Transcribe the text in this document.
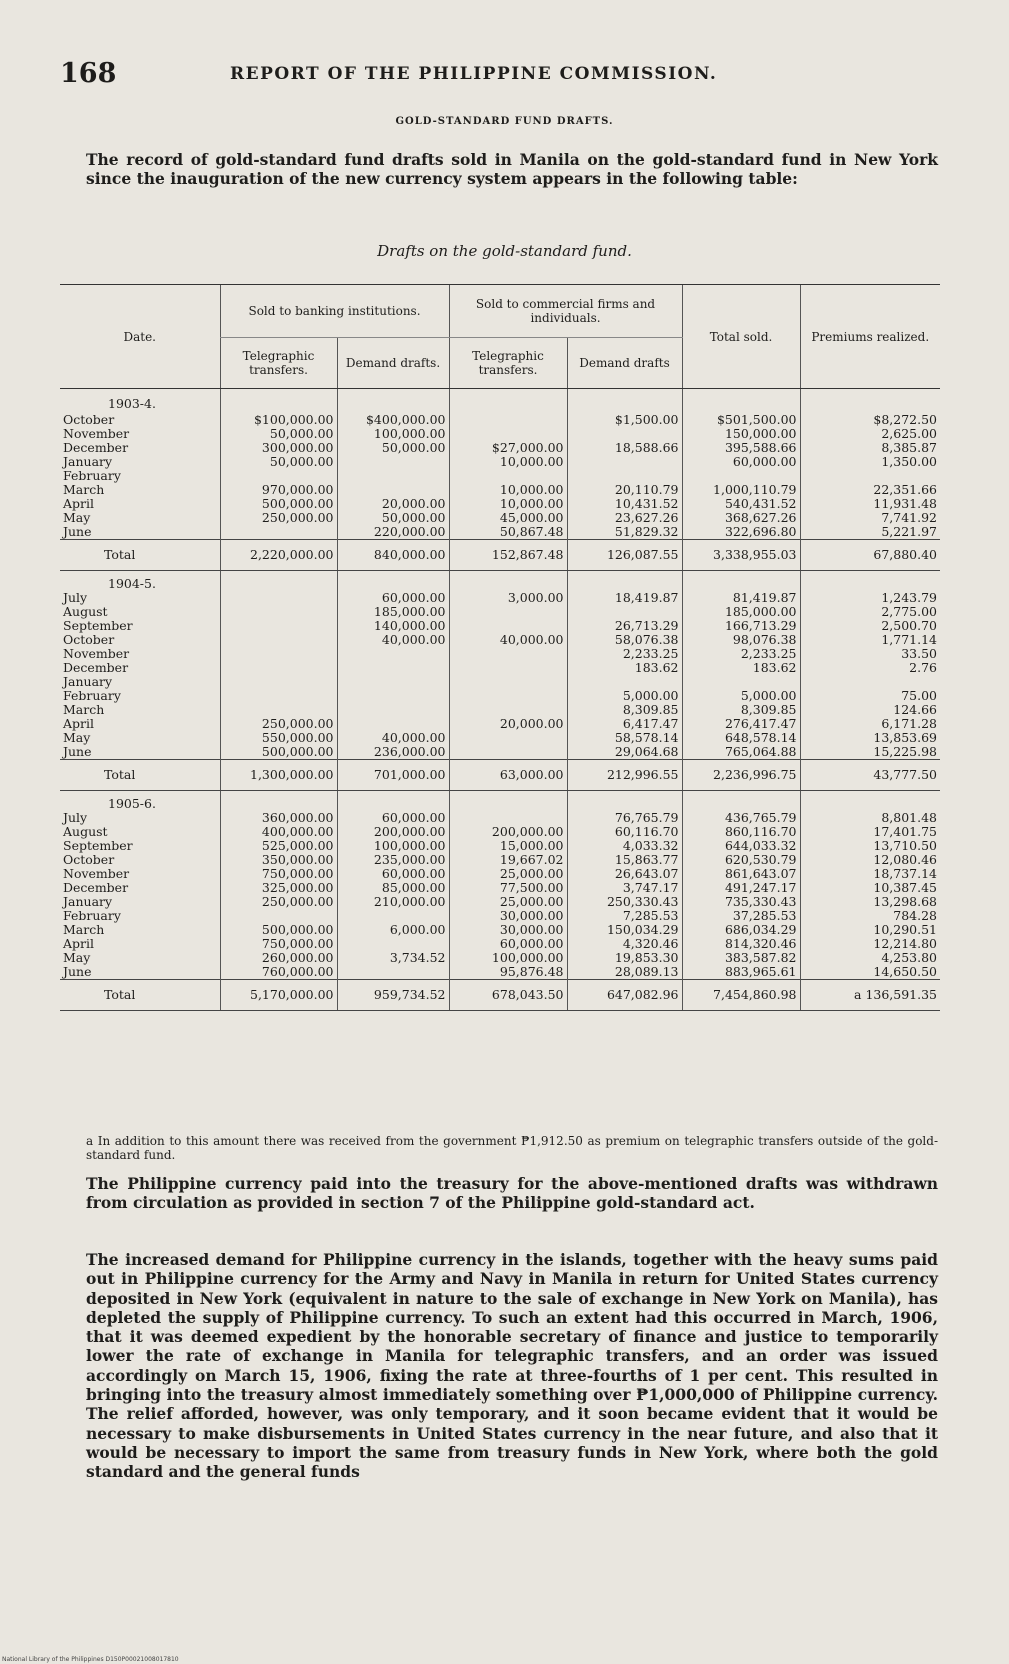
168	REPORT OF THE PHILIPPINE COMMISSION.
GOLD-STANDARD FUND DRAFTS.
The record of gold-standard fund drafts sold in Manila on the gold-standard fund in New York since the inauguration of the new currency system appears in the following table:
Drafts on the gold-standard fund.
Date.	Sold to banking institutions.		Sold to commercial firms and individuals.		Total sold.	Premiums realized.
	Telegraphic transfers.	Demand drafts.	Telegraphic transfers.	Demand drafts		
1903-4.						
October	$100,000.00	$400,000.00		$1,500.00	$501,500.00	$8,272.50
November	50,000.00	100,000.00			150,000.00	2,625.00
December	300,000.00	50,000.00	$27,000.00	18,588.66	395,588.66	8,385.87
January	50,000.00		10,000.00		60,000.00	1,350.00
February						
March	970,000.00		10,000.00	20,110.79	1,000,110.79	22,351.66
April	500,000.00	20,000.00	10,000.00	10,431.52	540,431.52	11,931.48
May	250,000.00	50,000.00	45,000.00	23,627.26	368,627.26	7,741.92
June		220,000.00	50,867.48	51,829.32	322,696.80	5,221.97
Total	2,220,000.00	840,000.00	152,867.48	126,087.55	3,338,955.03	67,880.40
1904-5.						
July		60,000.00	3,000.00	18,419.87	81,419.87	1,243.79
August		185,000.00			185,000.00	2,775.00
September		140,000.00		26,713.29	166,713.29	2,500.70
October		40,000.00	40,000.00	58,076.38	98,076.38	1,771.14
November				2,233.25	2,233.25	33.50
December				183.62	183.62	2.76
January						
February				5,000.00	5,000.00	75.00
March				8,309.85	8,309.85	124.66
April	250,000.00		20,000.00	6,417.47	276,417.47	6,171.28
May	550,000.00	40,000.00		58,578.14	648,578.14	13,853.69
June	500,000.00	236,000.00		29,064.68	765,064.88	15,225.98
Total	1,300,000.00	701,000.00	63,000.00	212,996.55	2,236,996.75	43,777.50
1905-6.						
July	360,000.00	60,000.00		76,765.79	436,765.79	8,801.48
August	400,000.00	200,000.00	200,000.00	60,116.70	860,116.70	17,401.75
September	525,000.00	100,000.00	15,000.00	4,033.32	644,033.32	13,710.50
October	350,000.00	235,000.00	19,667.02	15,863.77	620,530.79	12,080.46
November	750,000.00	60,000.00	25,000.00	26,643.07	861,643.07	18,737.14
December	325,000.00	85,000.00	77,500.00	3,747.17	491,247.17	10,387.45
January	250,000.00	210,000.00	25,000.00	250,330.43	735,330.43	13,298.68
February			30,000.00	7,285.53	37,285.53	784.28
March	500,000.00	6,000.00	30,000.00	150,034.29	686,034.29	10,290.51
April	750,000.00		60,000.00	4,320.46	814,320.46	12,214.80
May	260,000.00	3,734.52	100,000.00	19,853.30	383,587.82	4,253.80
June	760,000.00		95,876.48	28,089.13	883,965.61	14,650.50
Total	5,170,000.00	959,734.52	678,043.50	647,082.96	7,454,860.98	a 136,591.35
a In addition to this amount there was received from the government ₱1,912.50 as premium on telegraphic transfers outside of the gold-standard fund.
The Philippine currency paid into the treasury for the above-mentioned drafts was withdrawn from circulation as provided in section 7 of the Philippine gold-standard act.
The increased demand for Philippine currency in the islands, together with the heavy sums paid out in Philippine currency for the Army and Navy in Manila in return for United States currency deposited in New York (equivalent in nature to the sale of exchange in New York on Manila), has depleted the supply of Philippine currency. To such an extent had this occurred in March, 1906, that it was deemed expedient by the honorable secretary of finance and justice to temporarily lower the rate of exchange in Manila for telegraphic transfers, and an order was issued accordingly on March 15, 1906, fixing the rate at three-fourths of 1 per cent. This resulted in bringing into the treasury almost immediately something over ₱1,000,000 of Philippine currency. The relief afforded, however, was only temporary, and it soon became evident that it would be necessary to make disbursements in United States currency in the near future, and also that it would be necessary to import the same from treasury funds in New York, where both the gold standard and the general funds
National Library of the Philippines D150P00021008017810
